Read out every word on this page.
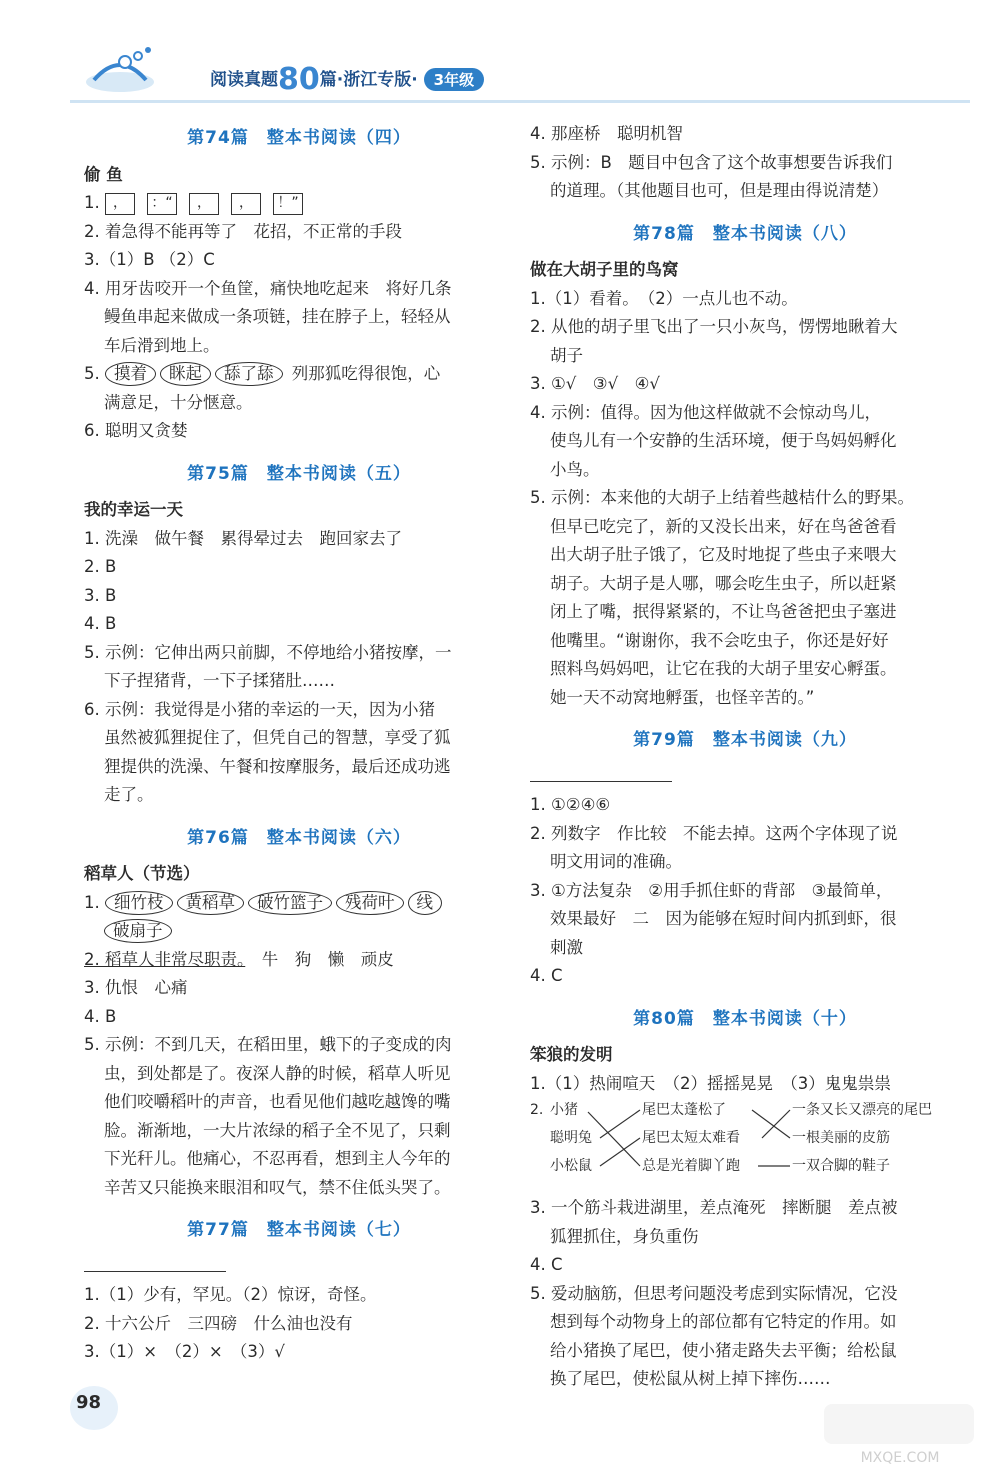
阅读真题80篇·浙江专版· 3年级
第74篇　整本书阅读（四）
偷 鱼
1. ， ：“ ， ， ！”
2. 着急得不能再等了　花招，不正常的手段
3.（1）B （2）C
4. 用牙齿咬开一个鱼筐，痛快地吃起来　将好几条
鳗鱼串起来做成一条项链，挂在脖子上，轻轻从
车后滑到地上。
5. 摸着 眯起 舔了舔 列那狐吃得很饱，心
满意足，十分惬意。
6. 聪明又贪婪
第75篇　整本书阅读（五）
我的幸运一天
1. 洗澡　做午餐　累得晕过去　跑回家去了
2. B
3. B
4. B
5. 示例：它伸出两只前脚，不停地给小猪按摩，一
下子捏猪背，一下子揉猪肚……
6. 示例：我觉得是小猪的幸运的一天，因为小猪
虽然被狐狸捉住了，但凭自己的智慧，享受了狐
狸提供的洗澡、午餐和按摩服务，最后还成功逃
走了。
第76篇　整本书阅读（六）
稻草人（节选）
1. 细竹枝 黄稻草 破竹篮子 残荷叶 线
破扇子
2. 稻草人非常尽职责。　牛　狗　懒　顽皮
3. 仇恨　心痛
4. B
5. 示例：不到几天，在稻田里，蛾下的子变成的肉
虫，到处都是了。夜深人静的时候，稻草人听见
他们咬嚼稻叶的声音，也看见他们越吃越馋的嘴
脸。渐渐地，一大片浓绿的稻子全不见了，只剩
下光秆儿。他痛心，不忍再看，想到主人今年的
辛苦又只能换来眼泪和叹气，禁不住低头哭了。
第77篇　整本书阅读（七）
1.（1）少有，罕见。（2）惊讶，奇怪。
2. 十六公斤　三四磅　什么油也没有
3.（1）×　（2）×　（3）√
4. 那座桥　聪明机智
5. 示例：B　题目中包含了这个故事想要告诉我们
的道理。（其他题目也可，但是理由得说清楚）
第78篇　整本书阅读（八）
做在大胡子里的鸟窝
1.（1）看着。　（2）一点儿也不动。
2. 从他的胡子里飞出了一只小灰鸟，愣愣地瞅着大
胡子
3. ①√　③√　④√
4. 示例：值得。因为他这样做就不会惊动鸟儿，
使鸟儿有一个安静的生活环境，便于鸟妈妈孵化
小鸟。
5. 示例：本来他的大胡子上结着些越桔什么的野果。
但早已吃完了，新的又没长出来，好在鸟爸爸看
出大胡子肚子饿了，它及时地捉了些虫子来喂大
胡子。大胡子是人哪，哪会吃生虫子，所以赶紧
闭上了嘴，抿得紧紧的，不让鸟爸爸把虫子塞进
他嘴里。“谢谢你，我不会吃虫子，你还是好好
照料鸟妈妈吧，让它在我的大胡子里安心孵蛋。
她一天不动窝地孵蛋，也怪辛苦的。”
第79篇　整本书阅读（九）
1. ①②④⑥
2. 列数字　作比较　不能去掉。这两个字体现了说
明文用词的准确。
3. ①方法复杂　②用手抓住虾的背部　③最简单，
效果最好　二　因为能够在短时间内抓到虾，很
刺激
4. C
第80篇　整本书阅读（十）
笨狼的发明
1.（1）热闹喧天　（2）摇摇晃晃　（3）鬼鬼祟祟
2. 小猪
聪明兔
小松鼠
尾巴太蓬松了
尾巴太短太难看
总是光着脚丫跑
一条又长又漂亮的尾巴
一根美丽的皮筋
一双合脚的鞋子
3. 一个筋斗栽进湖里，差点淹死　摔断腿　差点被
狐狸抓住，身负重伤
4. C
5. 爱动脑筋，但思考问题没考虑到实际情况，它没
想到每个动物身上的部位都有它特定的作用。如
给小猪换了尾巴，使小猪走路失去平衡；给松鼠
换了尾巴，使松鼠从树上掉下摔伤……
98
MXQE.COM
